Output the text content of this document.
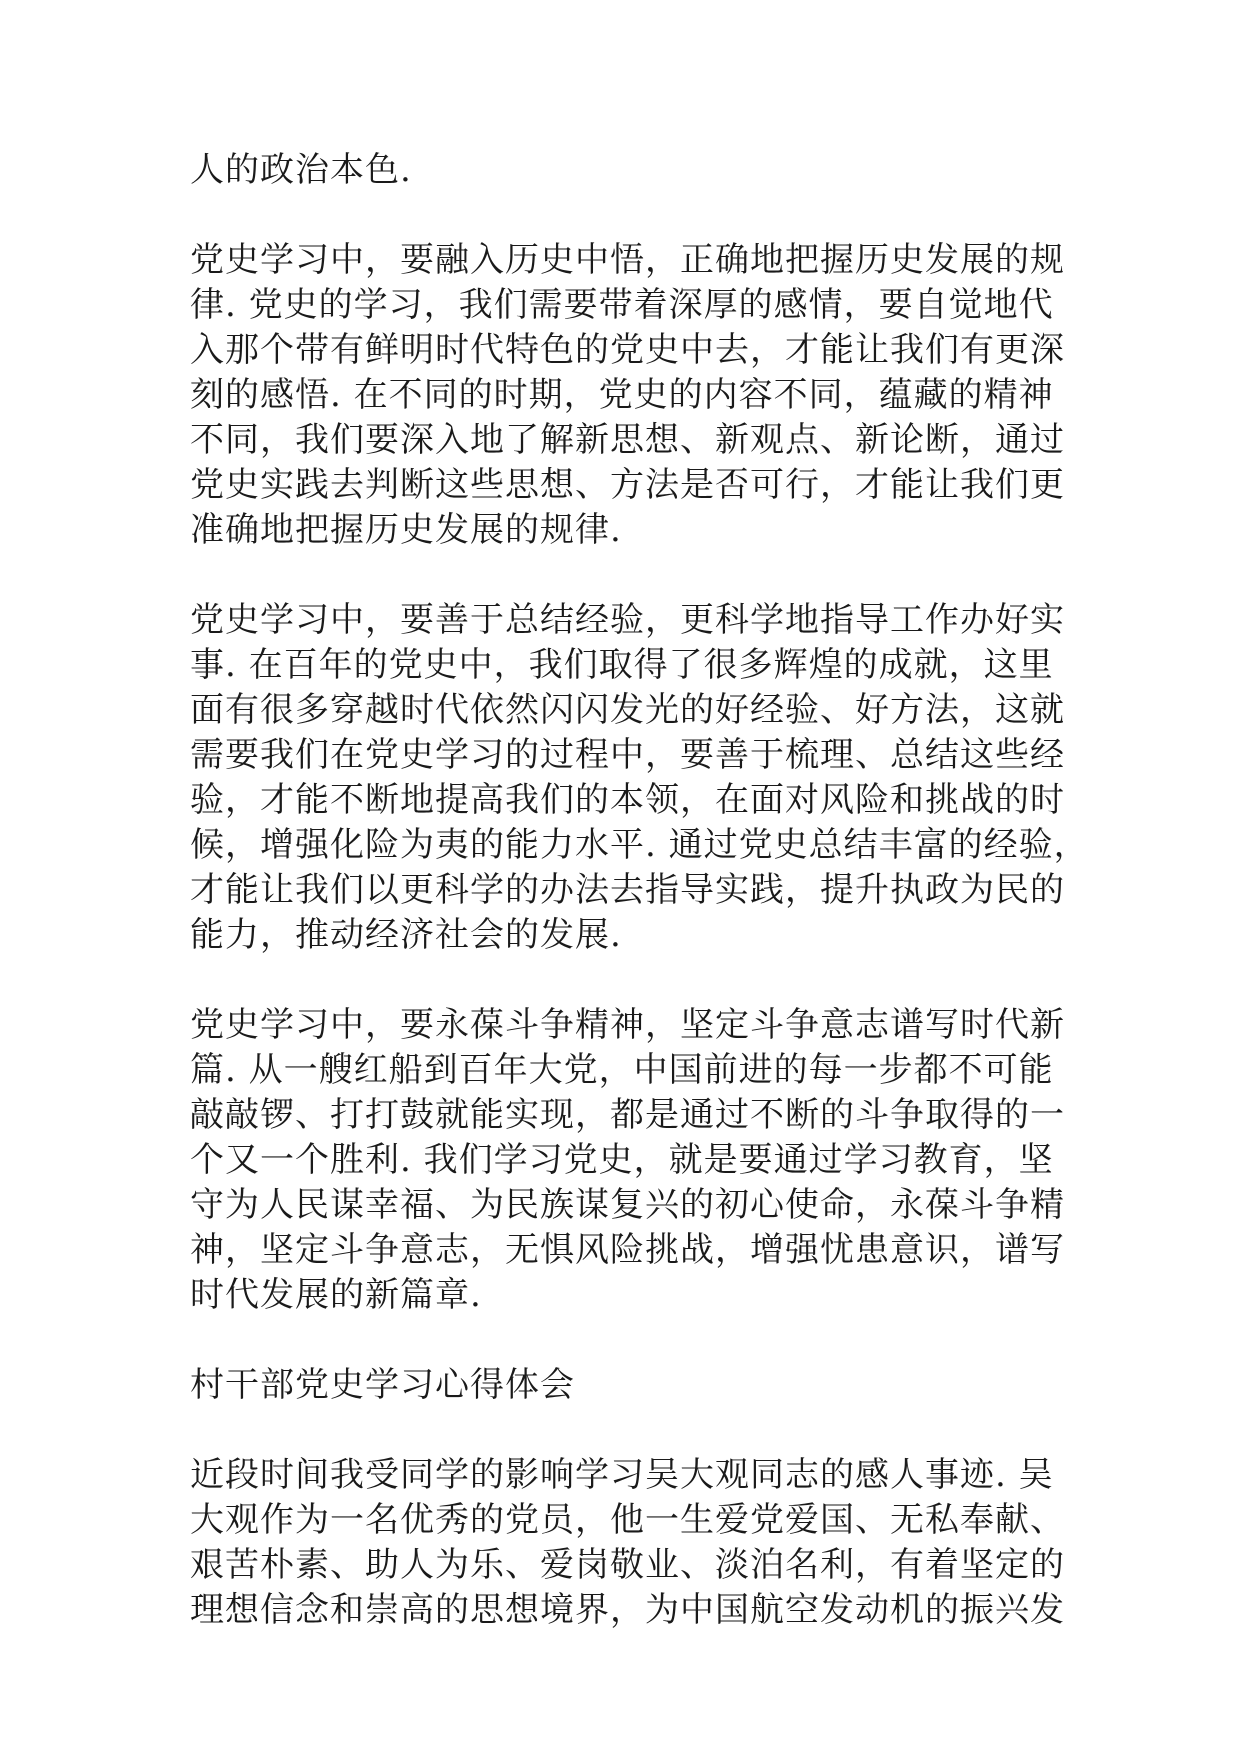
人的政治本色.
党史学习中，要融入历史中悟，正确地把握历史发展的规
律. 党史的学习，我们需要带着深厚的感情，要自觉地代
入那个带有鲜明时代特色的党史中去，才能让我们有更深
刻的感悟. 在不同的时期，党史的内容不同，蕴藏的精神
不同，我们要深入地了解新思想、新观点、新论断，通过
党史实践去判断这些思想、方法是否可行，才能让我们更
准确地把握历史发展的规律.
党史学习中，要善于总结经验，更科学地指导工作办好实
事. 在百年的党史中，我们取得了很多辉煌的成就，这里
面有很多穿越时代依然闪闪发光的好经验、好方法，这就
需要我们在党史学习的过程中，要善于梳理、总结这些经
验，才能不断地提高我们的本领，在面对风险和挑战的时
候，增强化险为夷的能力水平. 通过党史总结丰富的经验，
才能让我们以更科学的办法去指导实践，提升执政为民的
能力，推动经济社会的发展.
党史学习中，要永葆斗争精神，坚定斗争意志谱写时代新
篇. 从一艘红船到百年大党，中国前进的每一步都不可能
敲敲锣、打打鼓就能实现，都是通过不断的斗争取得的一
个又一个胜利. 我们学习党史，就是要通过学习教育，坚
守为人民谋幸福、为民族谋复兴的初心使命，永葆斗争精
神，坚定斗争意志，无惧风险挑战，增强忧患意识，谱写
时代发展的新篇章.
村干部党史学习心得体会
近段时间我受同学的影响学习吴大观同志的感人事迹. 吴
大观作为一名优秀的党员，他一生爱党爱国、无私奉献、
艰苦朴素、助人为乐、爱岗敬业、淡泊名利，有着坚定的
理想信念和崇高的思想境界，为中国航空发动机的振兴发
